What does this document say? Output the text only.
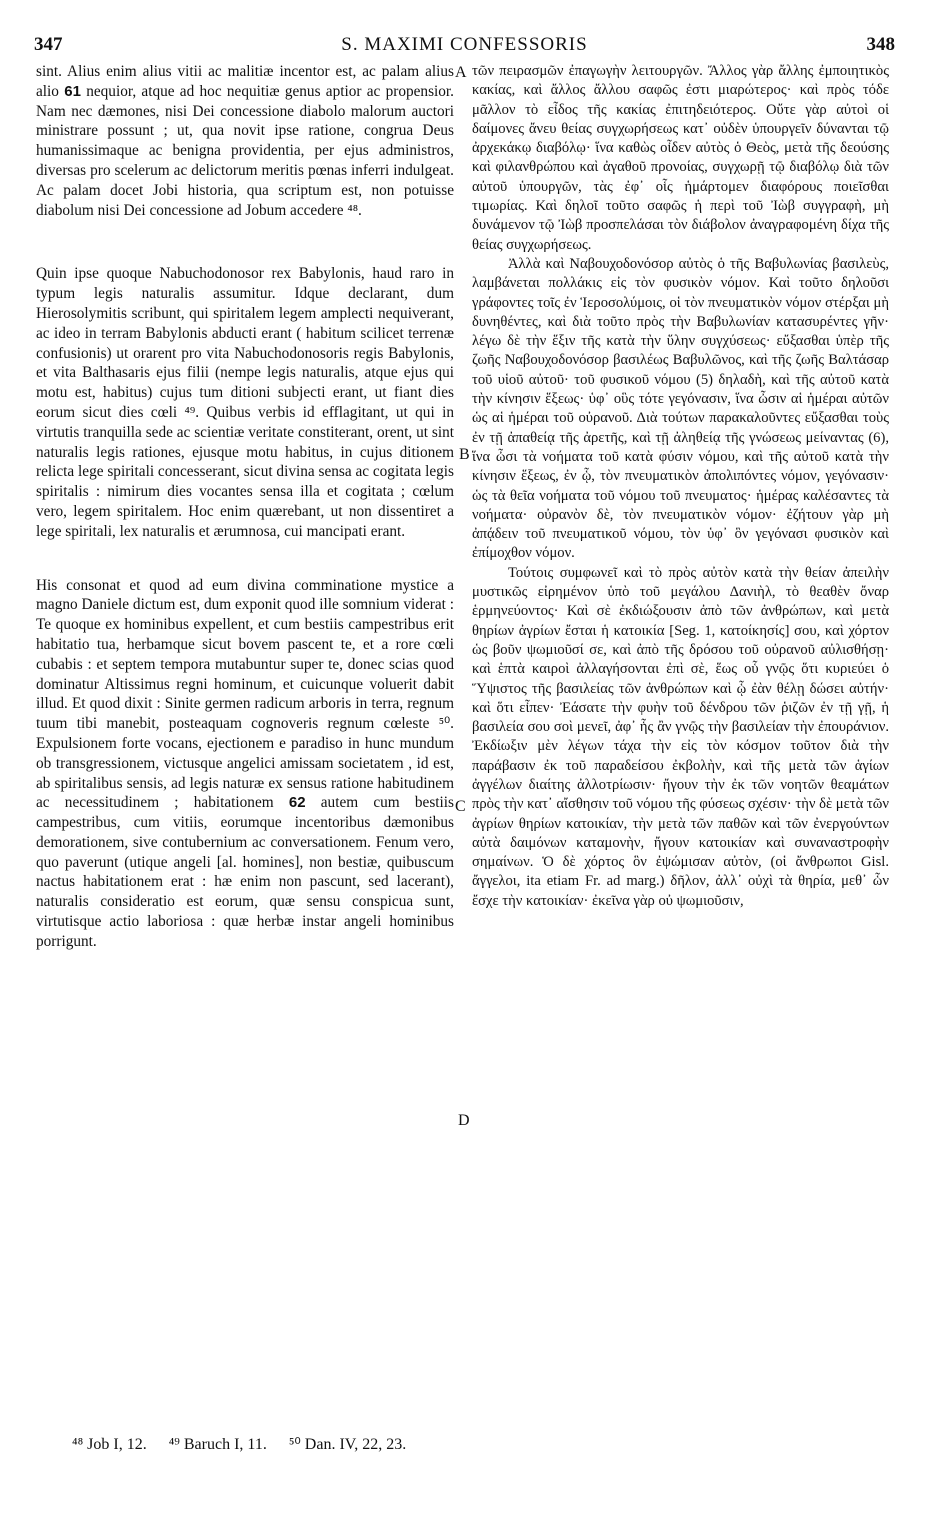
347	S. MAXIMI CONFESSORIS	348
A
B
C
D

sint. Alius enim alius vitii ac malitiæ incentor est, ac palam alius alio 61 nequior, atque ad hoc nequitiæ genus aptior ac propensior. Nam nec dæmones, nisi Dei concessione diabolo malorum auctori ministrare possunt ; ut, qua novit ipse ratione, congrua Deus humanissimaque ac benigna providentia, per ejus administros, diversas pro scelerum ac delictorum meritis pœnas inferri indulgeat. Ac palam docet Jobi historia, qua scriptum est, non potuisse diabolum nisi Dei concessione ad Jobum accedere ⁴⁸.

Quin ipse quoque Nabuchodonosor rex Babylonis, haud raro in typum legis naturalis assumitur. Idque declarant, dum Hierosolymitis scribunt, qui spiritalem legem amplecti nequiverant, ac ideo in terram Babylonis abducti erant ( habitum scilicet terrenæ confusionis) ut orarent pro vita Nabuchodonosoris regis Babylonis, et vita Balthasaris ejus filii (nempe legis naturalis, atque ejus qui motu est, habitus) cujus tum ditioni subjecti erant, ut fiant dies eorum sicut dies cœli ⁴⁹. Quibus verbis id efflagitant, ut qui in virtutis tranquilla sede ac scientiæ veritate constiterant, orent, ut sint naturalis legis rationes, ejusque motu habitus, in cujus ditionem relicta lege spiritali concesserant, sicut divina sensa ac cogitata legis spiritalis : nimirum dies vocantes sensa illa et cogitata ; cœlum vero, legem spiritalem. Hoc enim quærebant, ut non dissentiret a lege spiritali, lex naturalis et ærumnosa, cui mancipati erant.

His consonat et quod ad eum divina comminatione mystice a magno Daniele dictum est, dum exponit quod ille somnium viderat : Te quoque ex hominibus expellent, et cum bestiis campestribus erit habitatio tua, herbamque sicut bovem pascent te, et a rore cœli cubabis : et septem tempora mutabuntur super te, donec scias quod dominatur Altissimus regni hominum, et cuicunque voluerit dabit illud. Et quod dixit : Sinite germen radicum arboris in terra, regnum tuum tibi manebit, posteaquam cognoveris regnum cœleste ⁵⁰. Expulsionem forte vocans, ejectionem e paradiso in hunc mundum ob transgressionem, victusque angelici amissam societatem , id est, ab spiritalibus sensis, ad legis naturæ ex sensus ratione habitudinem ac necessitudinem ; habitationem 62 autem cum bestiis campestribus, cum vitiis, eorumque incentoribus dæmonibus demorationem, sive contubernium ac conversationem. Fenum vero, quo paverunt (utique angeli [al. homines], non bestiæ, quibuscum nactus habitationem erat : hæ enim non pascunt, sed lacerant), naturalis consideratio est eorum, quæ sensu conspicua sunt, virtutisque actio laboriosa : quæ herbæ instar angeli hominibus porrigunt.

τῶν πειρασμῶν ἐπαγωγὴν λειτουργῶν. Ἄλλος γὰρ ἄλλης ἐμποιητικὸς κακίας, καὶ ἄλλος ἄλλου σαφῶς ἐστι μιαρώτερος· καὶ πρὸς τόδε μᾶλλον τὸ εἶδος τῆς κακίας ἐπιτηδειότερος. Οὔτε γὰρ αὐτοὶ οἱ δαίμονες ἄνευ θείας συγχωρήσεως κατ᾽ οὐδὲν ὑπουργεῖν δύνανται τῷ ἀρχεκάκῳ διαβόλῳ· ἵνα καθὼς οἶδεν αὐτὸς ὁ Θεὸς, μετὰ τῆς δεούσης καὶ φιλανθρώπου καὶ ἀγαθοῦ προνοίας, συγχωρῇ τῷ διαβόλῳ διὰ τῶν αὐτοῦ ὑπουργῶν, τὰς ἐφ᾽ οἷς ἡμάρτομεν διαφόρους ποιεῖσθαι τιμωρίας. Καὶ δηλοῖ τοῦτο σαφῶς ἡ περὶ τοῦ Ἰὼβ συγγραφὴ, μὴ δυνάμενον τῷ Ἰὼβ προσπελάσαι τὸν διάβολον ἀναγραφομένη δίχα τῆς θείας συγχωρήσεως.

Ἀλλὰ καὶ Ναβουχοδονόσορ αὐτὸς ὁ τῆς Βαβυλωνίας βασιλεὺς, λαμβάνεται πολλάκις εἰς τὸν φυσικὸν νόμον. Καὶ τοῦτο δηλοῦσι γράφοντες τοῖς ἐν Ἱεροσολύμοις, οἱ τὸν πνευματικὸν νόμον στέρξαι μὴ δυνηθέντες, καὶ διὰ τοῦτο πρὸς τὴν Βαβυλωνίαν κατασυρέντες γῆν· λέγω δὲ τὴν ἕξιν τῆς κατὰ τὴν ὕλην συγχύσεως· εὔξασθαι ὑπὲρ τῆς ζωῆς Ναβουχοδονόσορ βασιλέως Βαβυλῶνος, καὶ τῆς ζωῆς Βαλτάσαρ τοῦ υἱοῦ αὐτοῦ· τοῦ φυσικοῦ νόμου (5) δηλαδὴ, καὶ τῆς αὐτοῦ κατὰ τὴν κίνησιν ἕξεως· ὑφ᾽ οὓς τότε γεγόνασιν, ἵνα ὦσιν αἱ ἡμέραι αὐτῶν ὡς αἱ ἡμέραι τοῦ οὐρανοῦ. Διὰ τούτων παρακαλοῦντες εὔξασθαι τοὺς ἐν τῇ ἀπαθείᾳ τῆς ἀρετῆς, καὶ τῇ ἀληθείᾳ τῆς γνώσεως μείναντας (6), ἵνα ὦσι τὰ νοήματα τοῦ κατὰ φύσιν νόμου, καὶ τῆς αὐτοῦ κατὰ τὴν κίνησιν ἕξεως, ἐν ᾧ, τὸν πνευματικὸν ἀπολιπόντες νόμον, γεγόνασιν· ὡς τὰ θεῖα νοήματα τοῦ νόμου τοῦ πνευματος· ἡμέρας καλέσαντες τὰ νοήματα· οὐρανὸν δὲ, τὸν πνευματικὸν νόμον· ἐζήτουν γὰρ μὴ ἀπᾴδειν τοῦ πνευματικοῦ νόμου, τὸν ὑφ᾽ ὃν γεγόνασι φυσικὸν καὶ ἐπίμοχθον νόμον.

Τούτοις συμφωνεῖ καὶ τὸ πρὸς αὐτὸν κατὰ τὴν θείαν ἀπειλὴν μυστικῶς εἰρημένον ὑπὸ τοῦ μεγάλου Δανιὴλ, τὸ θεαθὲν ὄναρ ἑρμηνεύοντος· Καὶ σὲ ἐκδιώξουσιν ἀπὸ τῶν ἀνθρώπων, καὶ μετὰ θηρίων ἀγρίων ἔσται ἡ κατοικία [Seg. 1, κατοίκησίς] σου, καὶ χόρτον ὡς βοῦν ψωμιοῦσί σε, καὶ ἀπὸ τῆς δρόσου τοῦ οὐρανοῦ αὐλισθήσῃ· καὶ ἑπτὰ καιροὶ ἀλλαγήσονται ἐπὶ σὲ, ἕως οὗ γνῷς ὅτι κυριεύει ὁ Ὕψιστος τῆς βασιλείας τῶν ἀνθρώπων καὶ ᾧ ἐὰν θέλῃ δώσει αὐτήν· καὶ ὅτι εἶπεν· Ἐάσατε τὴν φυὴν τοῦ δένδρου τῶν ῥιζῶν ἐν τῇ γῇ, ἡ βασιλεία σου σοὶ μενεῖ, ἀφ᾽ ἧς ἂν γνῷς τὴν βασιλείαν τὴν ἐπουράνιον. Ἐκδίωξιν μὲν λέγων τάχα τὴν εἰς τὸν κόσμον τοῦτον διὰ τὴν παράβασιν ἐκ τοῦ παραδείσου ἐκβολὴν, καὶ τῆς μετὰ τῶν ἁγίων ἀγγέλων διαίτης ἀλλοτρίωσιν· ἤγουν τὴν ἐκ τῶν νοητῶν θεαμάτων πρὸς τὴν κατ᾽ αἴσθησιν τοῦ νόμου τῆς φύσεως σχέσιν· τὴν δὲ μετὰ τῶν ἀγρίων θηρίων κατοικίαν, τὴν μετὰ τῶν παθῶν καὶ τῶν ἐνεργούντων αὐτὰ δαιμόνων καταμονὴν, ἤγουν κατοικίαν καὶ συναναστροφὴν σημαίνων. Ὁ δὲ χόρτος ὃν ἐψώμισαν αὐτὸν, (οἱ ἄνθρωποι Gisl. ἄγγελοι, ita etiam Fr. ad marg.) δῆλον, ἀλλ᾽ οὐχὶ τὰ θηρία, μεθ᾽ ὧν ἔσχε τὴν κατοικίαν· ἐκεῖνα γὰρ οὐ ψωμιοῦσιν,

⁴⁸ Job I, 12. ⁴⁹ Baruch I, 11. ⁵⁰ Dan. IV, 22, 23.
